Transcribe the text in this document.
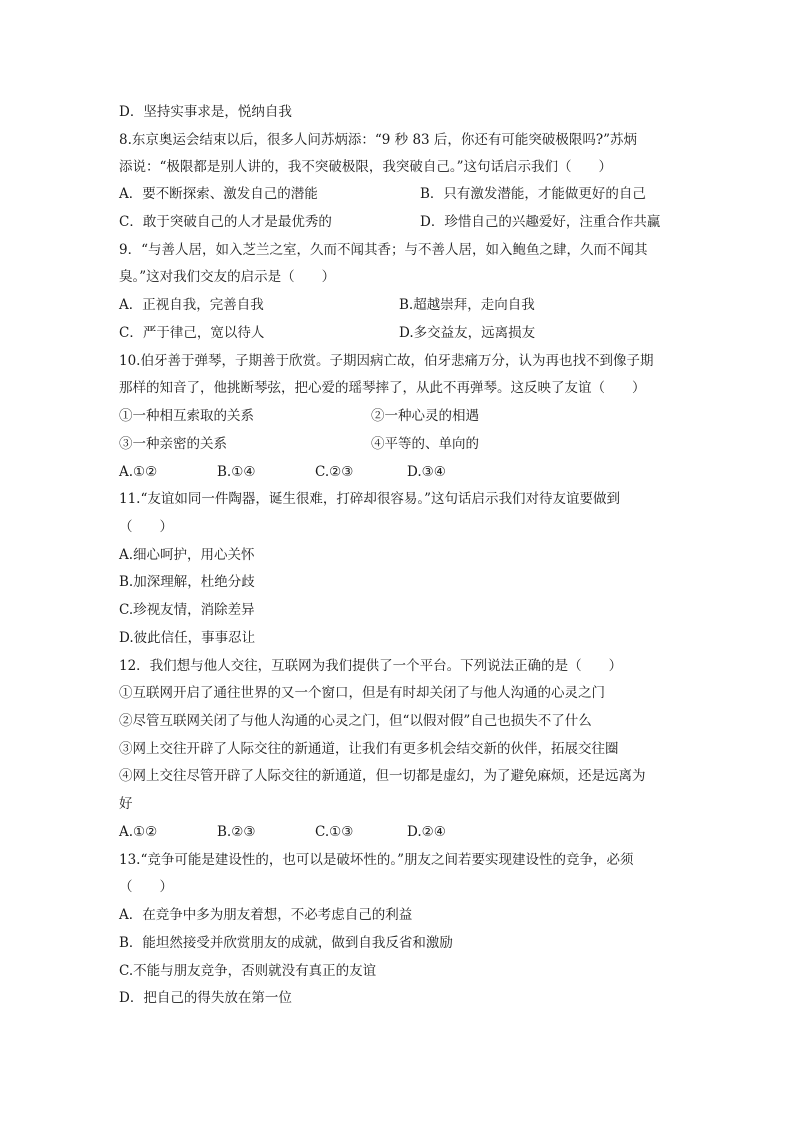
D．坚持实事求是，悦纳自我
8.东京奥运会结束以后，很多人问苏炳添：“9 秒 83 后，你还有可能突破极限吗?”苏炳
添说：“极限都是别人讲的，我不突破极限，我突破自己。”这句话启示我们（　　）
A．要不断探索、激发自己的潜能	B．只有激发潜能，才能做更好的自己
C．敢于突破自己的人才是最优秀的	D．珍惜自己的兴趣爱好，注重合作共赢
9．“与善人居，如入芝兰之室，久而不闻其香；与不善人居，如入鲍鱼之肆，久而不闻其
臭。”这对我们交友的启示是（　　）
A．正视自我，完善自我	B.超越崇拜，走向自我
C．严于律己，宽以待人	D.多交益友，远离损友
10.伯牙善于弹琴，子期善于欣赏。子期因病亡故，伯牙悲痛万分，认为再也找不到像子期
那样的知音了，他挑断琴弦，把心爱的瑶琴摔了，从此不再弹琴。这反映了友谊（　　）
①一种相互索取的关系	②一种心灵的相遇
③一种亲密的关系	④平等的、单向的
A.①②	B.①④	C.②③	D.③④
11.“友谊如同一件陶器，诞生很难，打碎却很容易。”这句话启示我们对待友谊要做到
（　　）
A.细心呵护，用心关怀
B.加深理解，杜绝分歧
C.珍视友情，消除差异
D.彼此信任，事事忍让
12．我们想与他人交往，互联网为我们提供了一个平台。下列说法正确的是（　　）
①互联网开启了通往世界的又一个窗口，但是有时却关闭了与他人沟通的心灵之门
②尽管互联网关闭了与他人沟通的心灵之门，但“以假对假”自己也损失不了什么
③网上交往开辟了人际交往的新通道，让我们有更多机会结交新的伙伴，拓展交往圈
④网上交往尽管开辟了人际交往的新通道，但一切都是虚幻，为了避免麻烦，还是远离为
好
A.①②	B.②③	C.①③	D.②④
13.“竞争可能是建设性的，也可以是破坏性的。”朋友之间若要实现建设性的竞争，必须
（　　）
A．在竞争中多为朋友着想，不必考虑自己的利益
B．能坦然接受并欣赏朋友的成就，做到自我反省和激励
C.不能与朋友竞争，否则就没有真正的友谊
D．把自己的得失放在第一位
